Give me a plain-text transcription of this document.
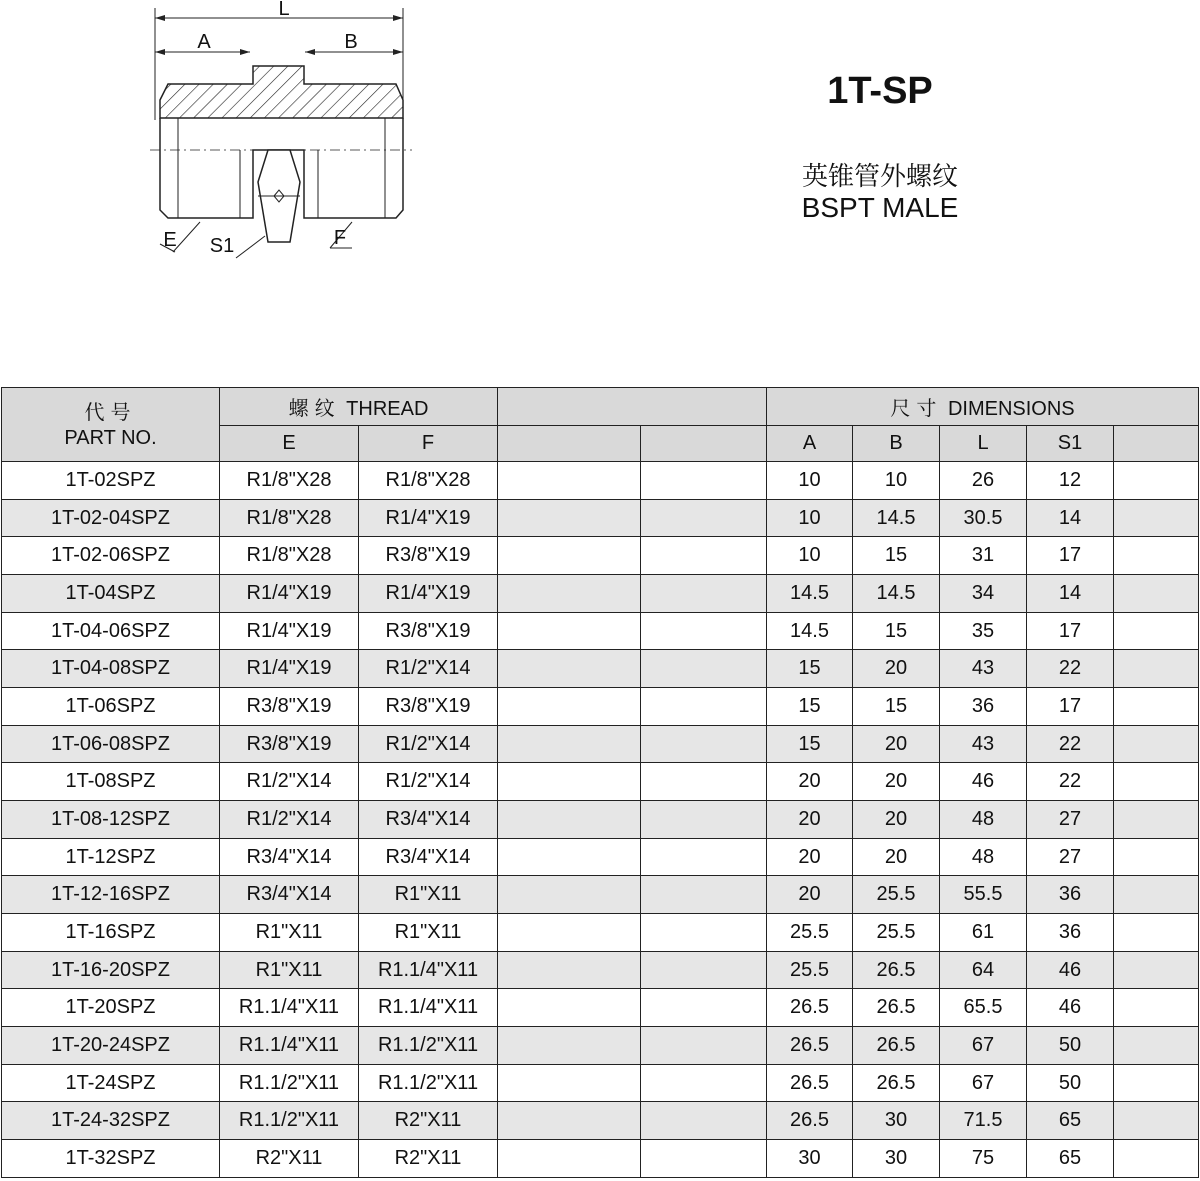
L
A	B
E S1	F
1T-SP
英锥管外螺纹
BSPT MALE
代号
PART NO.	螺纹 THREAD				尺寸 DIMENSIONS				
	E	F			A	B	L	S1	
1T-02SPZ	R1/8"X28	R1/8"X28			10	10	26	12	
1T-02-04SPZ	R1/8"X28	R1/4"X19			10	14.5	30.5	14	
1T-02-06SPZ	R1/8"X28	R3/8"X19			10	15	31	17	
1T-04SPZ	R1/4"X19	R1/4"X19			14.5	14.5	34	14	
1T-04-06SPZ	R1/4"X19	R3/8"X19			14.5	15	35	17	
1T-04-08SPZ	R1/4"X19	R1/2"X14			15	20	43	22	
1T-06SPZ	R3/8"X19	R3/8"X19			15	15	36	17	
1T-06-08SPZ	R3/8"X19	R1/2"X14			15	20	43	22	
1T-08SPZ	R1/2"X14	R1/2"X14			20	20	46	22	
1T-08-12SPZ	R1/2"X14	R3/4"X14			20	20	48	27	
1T-12SPZ	R3/4"X14	R3/4"X14			20	20	48	27	
1T-12-16SPZ	R3/4"X14	R1"X11			20	25.5	55.5	36	
1T-16SPZ	R1"X11	R1"X11			25.5	25.5	61	36	
1T-16-20SPZ	R1"X11	R1.1/4"X11			25.5	26.5	64	46	
1T-20SPZ	R1.1/4"X11	R1.1/4"X11			26.5	26.5	65.5	46	
1T-20-24SPZ	R1.1/4"X11	R1.1/2"X11			26.5	26.5	67	50	
1T-24SPZ	R1.1/2"X11	R1.1/2"X11			26.5	26.5	67	50	
1T-24-32SPZ	R1.1/2"X11	R2"X11			26.5	30	71.5	65	
1T-32SPZ	R2"X11	R2"X11			30	30	75	65	
